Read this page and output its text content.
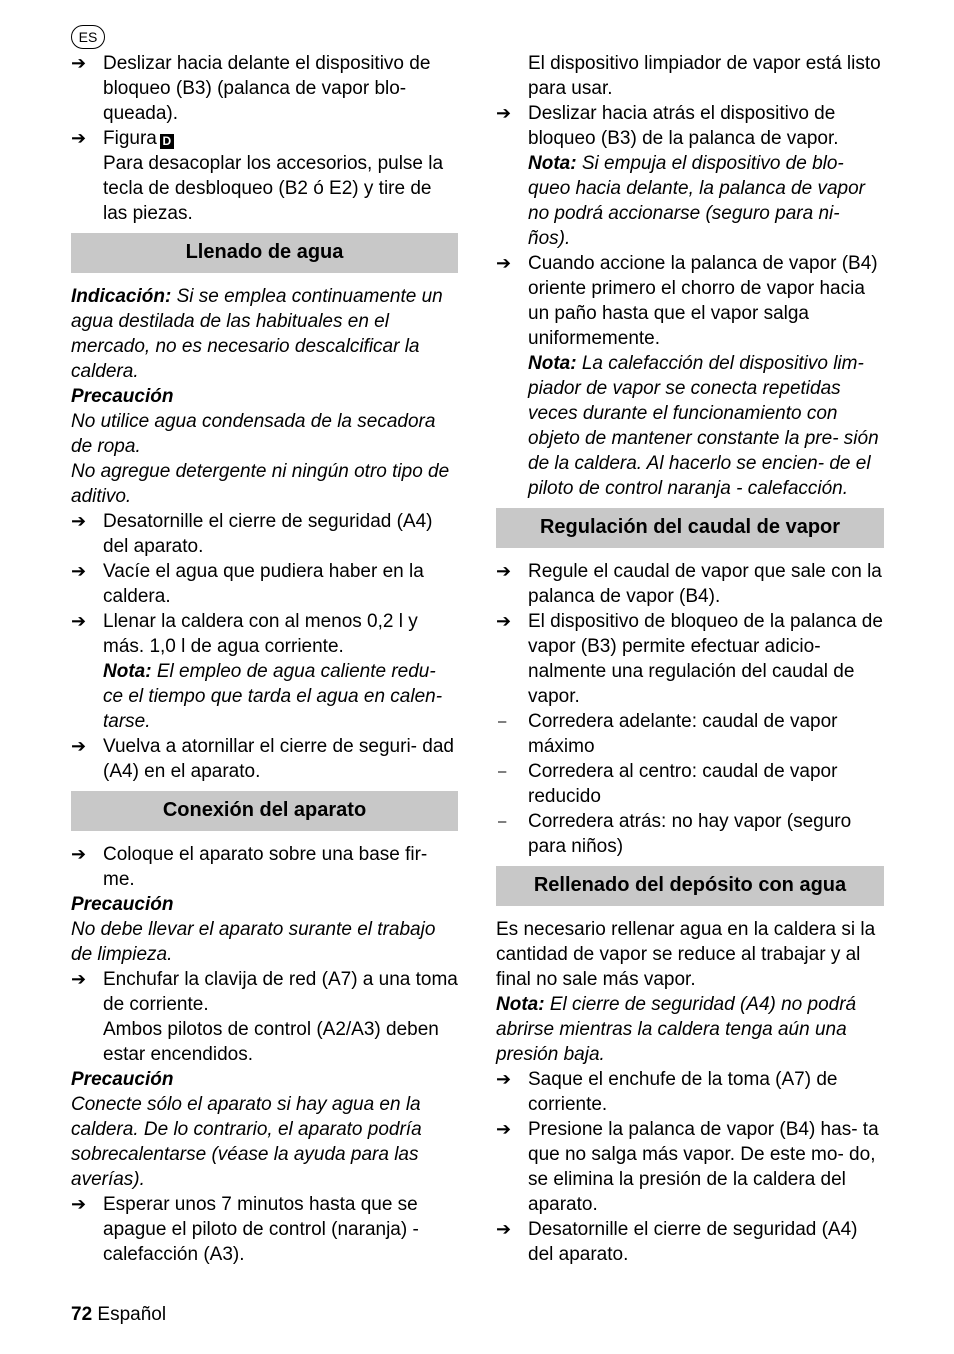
ES
➔ Deslizar hacia delante el dispositivo de bloqueo (B3) (palanca de vapor blo- queada).
➔ Figura D
Para desacoplar los accesorios, pulse la tecla de desbloqueo (B2 ó E2) y tire de las piezas.
Llenado de agua
Indicación: Si se emplea continuamente un agua destilada de las habituales en el mercado, no es necesario descalcificar la caldera.
Precaución
No utilice agua condensada de la secadora de ropa.
No agregue detergente ni ningún otro tipo de aditivo.
➔ Desatornille el cierre de seguridad (A4) del aparato.
➔ Vacíe el agua que pudiera haber en la caldera.
➔ Llenar la caldera con al menos 0,2 l y más. 1,0 l de agua corriente.
Nota: El empleo de agua caliente redu- ce el tiempo que tarda el agua en calen- tarse.
➔ Vuelva a atornillar el cierre de seguri- dad (A4) en el aparato.
Conexión del aparato
➔ Coloque el aparato sobre una base fir- me.
Precaución
No debe llevar el aparato surante el trabajo de limpieza.
➔ Enchufar la clavija de red (A7) a una toma de corriente.
Ambos pilotos de control (A2/A3) deben estar encendidos.
Precaución
Conecte sólo el aparato si hay agua en la caldera. De lo contrario, el aparato podría sobrecalentarse (véase la ayuda para las averías).
➔ Esperar unos 7 minutos hasta que se apague el piloto de control (naranja) - calefacción (A3).
El dispositivo limpiador de vapor está listo para usar.
➔ Deslizar hacia atrás el dispositivo de bloqueo (B3) de la palanca de vapor.
Nota: Si empuja el dispositivo de blo- queo hacia delante, la palanca de vapor no podrá accionarse (seguro para ni- ños).
➔ Cuando accione la palanca de vapor (B4) oriente primero el chorro de vapor hacia un paño hasta que el vapor salga uniformemente.
Nota: La calefacción del dispositivo lim- piador de vapor se conecta repetidas veces durante el funcionamiento con objeto de mantener constante la pre- sión de la caldera. Al hacerlo se encien- de el piloto de control naranja - calefacción.
Regulación del caudal de vapor
➔ Regule el caudal de vapor que sale con la palanca de vapor (B4).
➔ El dispositivo de bloqueo de la palanca de vapor (B3) permite efectuar adicio- nalmente una regulación del caudal de vapor.
–	Corredera adelante: caudal de vapor máximo
–	Corredera al centro: caudal de vapor reducido
–	Corredera atrás: no hay vapor (seguro para niños)
Rellenado del depósito con agua
Es necesario rellenar agua en la caldera si la cantidad de vapor se reduce al trabajar y al final no sale más vapor.
Nota: El cierre de seguridad (A4) no podrá abrirse mientras la caldera tenga aún una presión baja.
➔ Saque el enchufe de la toma (A7) de corriente.
➔ Presione la palanca de vapor (B4) has- ta que no salga más vapor. De este mo- do, se elimina la presión de la caldera del aparato.
➔ Desatornille el cierre de seguridad (A4) del aparato.
72 Español
